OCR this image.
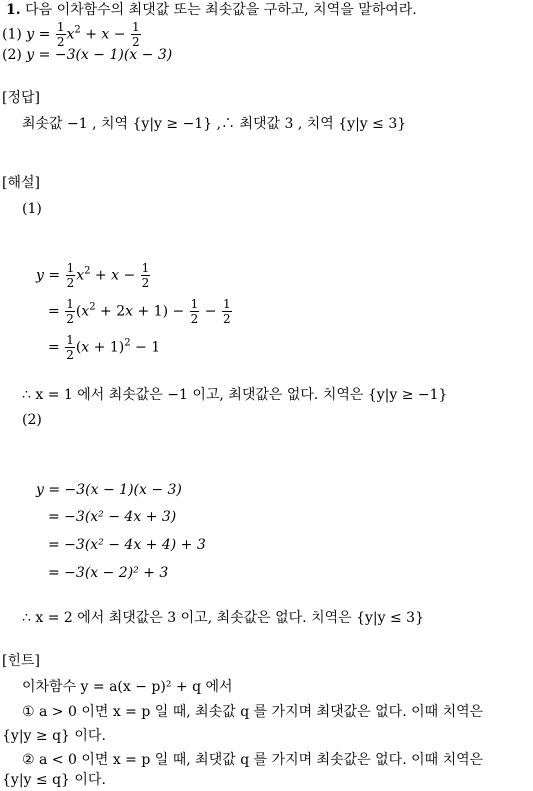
1. 다음 이차함수의 최댓값 또는 최솟값을 구하고, 치역을 말하여라.
(1) $y = \frac{1}{2} x^2 + x - \frac{1}{2}$
(2) y = −3(x − 1)(x − 3)
[정답]
최솟값 −1 , 치역 {y|y ≥ −1} ,∴ 최댓값 3 , 치역 {y|y ≤ 3}
[해설]
(1)
$y = \frac{1}{2} x^2 + x - \frac{1}{2}$
= $\frac{1}{2} (x^2 + 2x + 1) - \frac{1}{2} - \frac{1}{2}$
= $\frac{1}{2} (x + 1)^2 - 1$
∴ x = 1 에서 최솟값은 −1 이고, 최댓값은 없다. 치역은 {y|y ≥ −1}
(2)
y = −3(x − 1)(x − 3)
= −3(x² − 4x + 3)
= −3(x² − 4x + 4) + 3
= −3(x − 2)² + 3
∴ x = 2 에서 최댓값은 3 이고, 최솟값은 없다. 치역은 {y|y ≤ 3}
[힌트]
이차함수 y = a(x − p)² + q 에서
① a > 0 이면 x = p 일 때, 최솟값 q 를 가지며 최댓값은 없다. 이때 치역은
{y|y ≥ q} 이다.
② a < 0 이면 x = p 일 때, 최댓값 q 를 가지며 최솟값은 없다. 이때 치역은
{y|y ≤ q} 이다.
